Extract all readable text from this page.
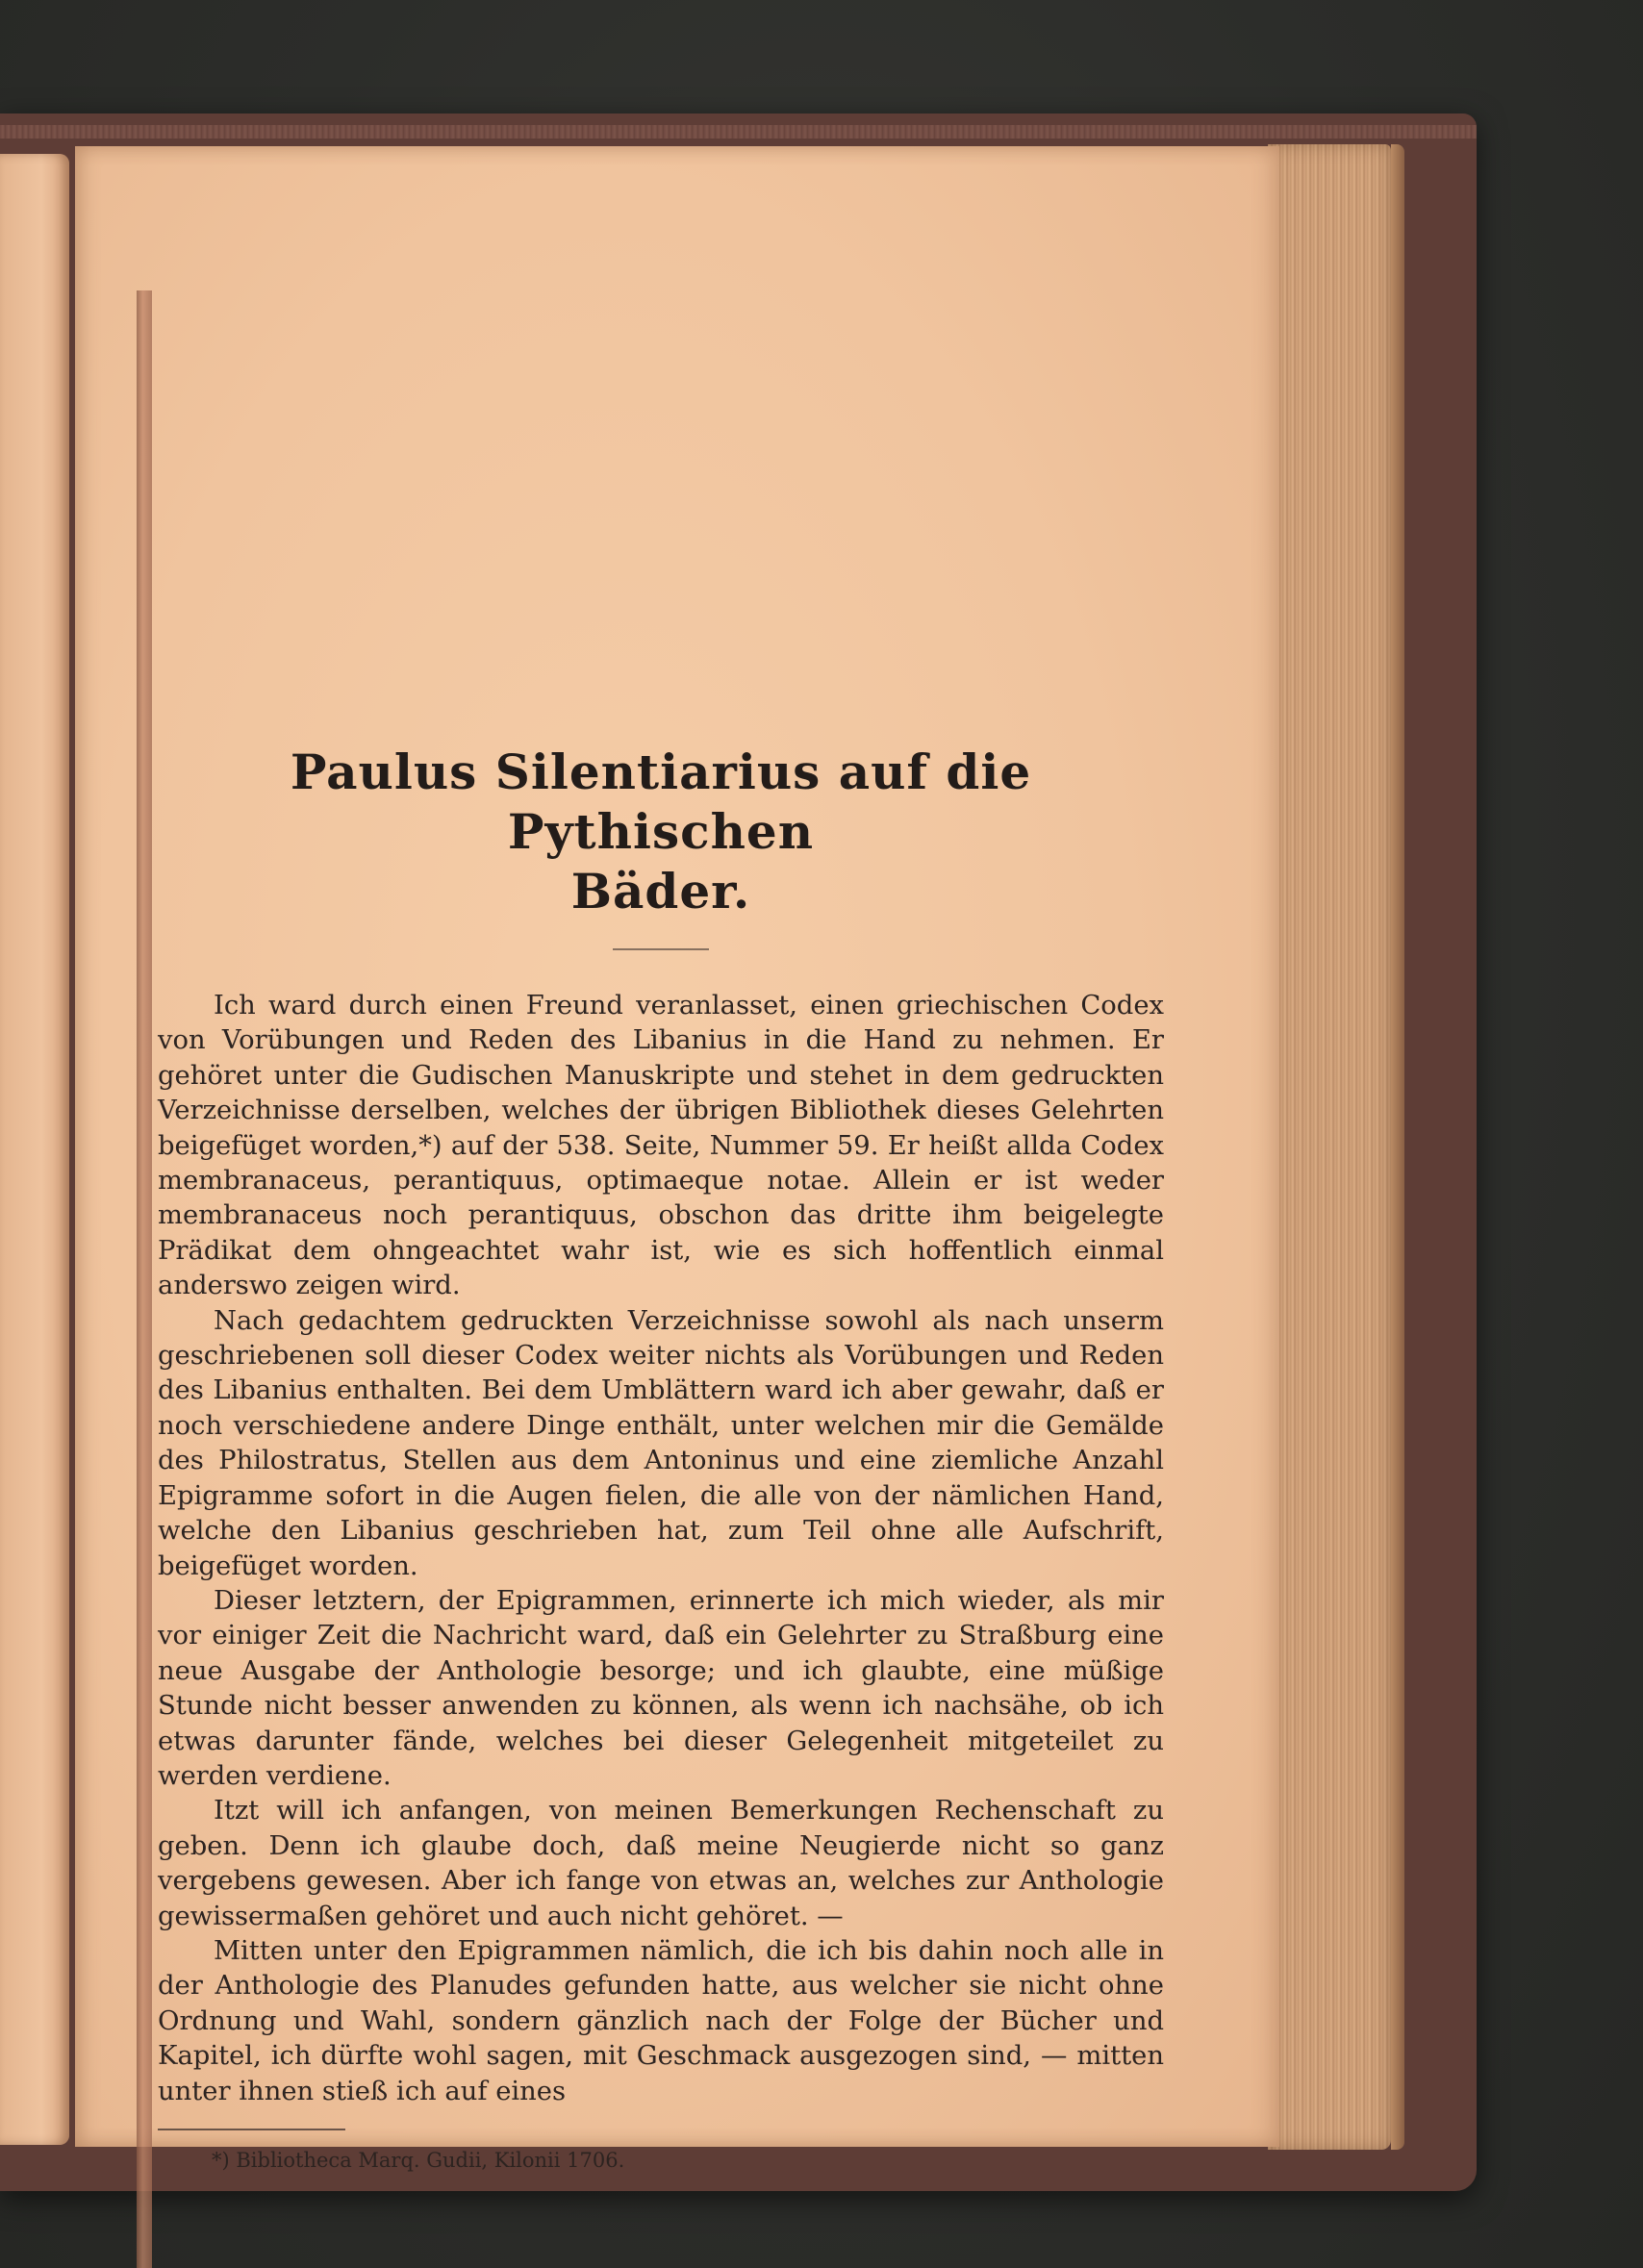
Paulus Silentiarius auf die Pythischen
Bäder.

Ich ward durch einen Freund veranlasset, einen griechischen Codex von Vorübungen und Reden des Libanius in die Hand zu nehmen. Er gehöret unter die Gudischen Manuskripte und stehet in dem gedruckten Verzeichnisse derselben, welches der übrigen Bibliothek dieses Gelehrten beigefüget worden,*) auf der 538. Seite, Nummer 59. Er heißt allda Codex membranaceus, perantiquus, optimaeque notae. Allein er ist weder membranaceus noch perantiquus, obschon das dritte ihm beigelegte Prädikat dem ohngeachtet wahr ist, wie es sich hoffentlich einmal anderswo zeigen wird.

Nach gedachtem gedruckten Verzeichnisse sowohl als nach unserm geschriebenen soll dieser Codex weiter nichts als Vorübungen und Reden des Libanius enthalten. Bei dem Umblättern ward ich aber gewahr, daß er noch verschiedene andere Dinge enthält, unter welchen mir die Gemälde des Philostratus, Stellen aus dem Antoninus und eine ziemliche Anzahl Epigramme sofort in die Augen fielen, die alle von der nämlichen Hand, welche den Libanius geschrieben hat, zum Teil ohne alle Aufschrift, beigefüget worden.

Dieser letztern, der Epigrammen, erinnerte ich mich wieder, als mir vor einiger Zeit die Nachricht ward, daß ein Gelehrter zu Straßburg eine neue Ausgabe der Anthologie besorge; und ich glaubte, eine müßige Stunde nicht besser anwenden zu können, als wenn ich nachsähe, ob ich etwas darunter fände, welches bei dieser Gelegenheit mitgeteilet zu werden verdiene.

Itzt will ich anfangen, von meinen Bemerkungen Rechenschaft zu geben. Denn ich glaube doch, daß meine Neugierde nicht so ganz vergebens gewesen. Aber ich fange von etwas an, welches zur Anthologie gewissermaßen gehöret und auch nicht gehöret. —

Mitten unter den Epigrammen nämlich, die ich bis dahin noch alle in der Anthologie des Planudes gefunden hatte, aus welcher sie nicht ohne Ordnung und Wahl, sondern gänzlich nach der Folge der Bücher und Kapitel, ich dürfte wohl sagen, mit Geschmack ausgezogen sind, — mitten unter ihnen stieß ich auf eines

*) Bibliotheca Marq. Gudii, Kilonii 1706.
